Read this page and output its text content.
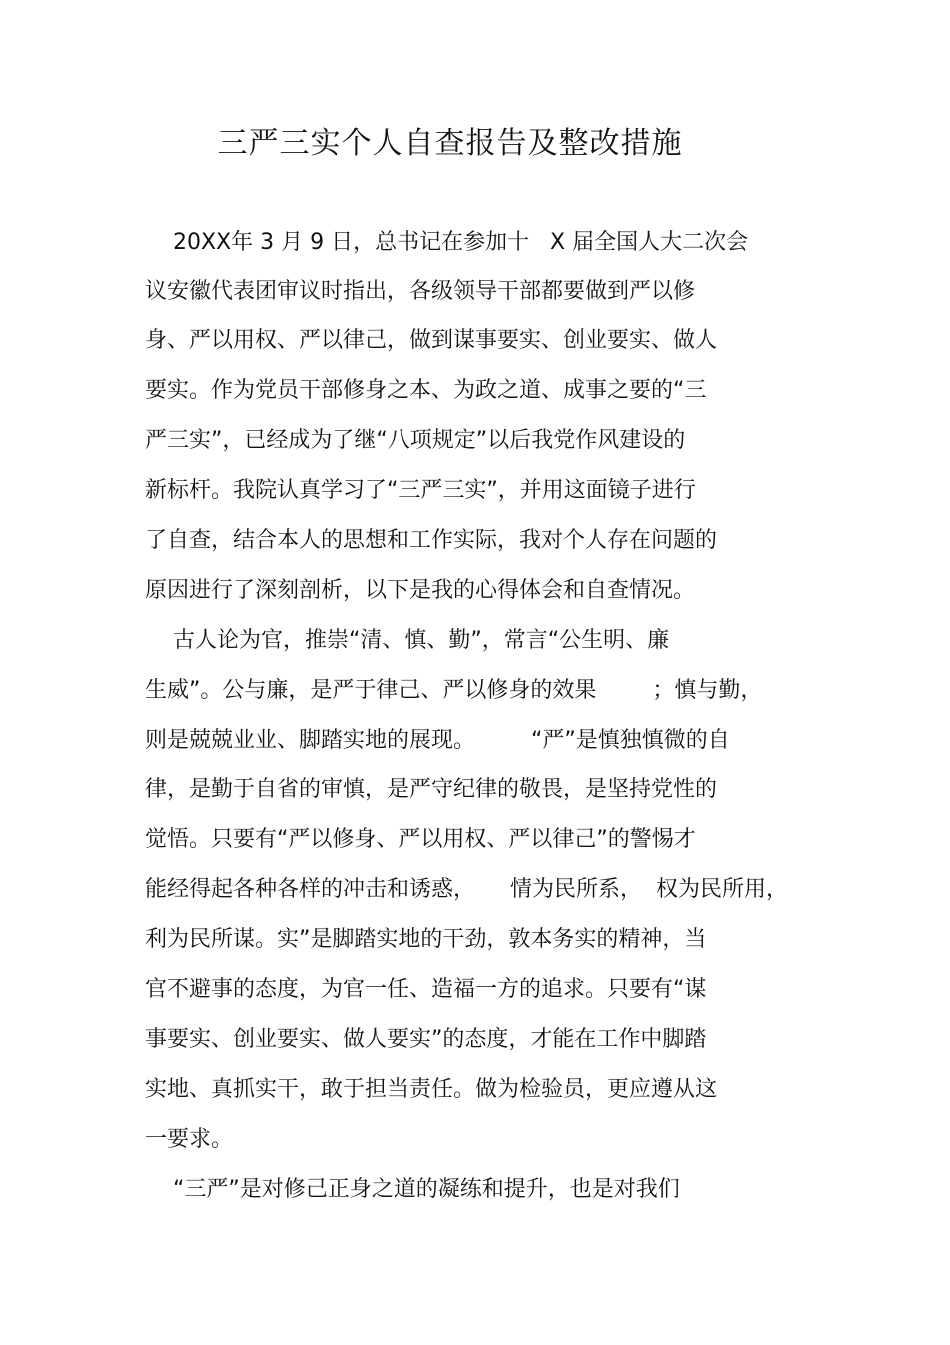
三严三实个人自查报告及整改措施
20XX年 3 月 9 日，总书记在参加十   X 届全国人大二次会
议安徽代表团审议时指出，各级领导干部都要做到严以修
身、严以用权、严以律己，做到谋事要实、创业要实、做人
要实。作为党员干部修身之本、为政之道、成事之要的“三
严三实”，已经成为了继“八项规定”以后我党作风建设的
新标杆。我院认真学习了“三严三实”，并用这面镜子进行
了自查，结合本人的思想和工作实际，我对个人存在问题的
原因进行了深刻剖析，以下是我的心得体会和自查情况。
古人论为官，推崇“清、慎、勤”，常言“公生明、廉
生威”。公与廉，是严于律己、严以修身的效果        ；慎与勤，
则是兢兢业业、脚踏实地的展现。        “严”是慎独慎微的自
律，是勤于自省的审慎，是严守纪律的敬畏，是坚持党性的
觉悟。只要有“严以修身、严以用权、严以律己”的警惕才
能经得起各种各样的冲击和诱惑，     情为民所系，  权为民所用，
利为民所谋。实”是脚踏实地的干劲，敦本务实的精神，当
官不避事的态度，为官一任、造福一方的追求。只要有“谋
事要实、创业要实、做人要实”的态度，才能在工作中脚踏
实地、真抓实干，敢于担当责任。做为检验员，更应遵从这
一要求。
“三严”是对修己正身之道的凝练和提升，也是对我们
